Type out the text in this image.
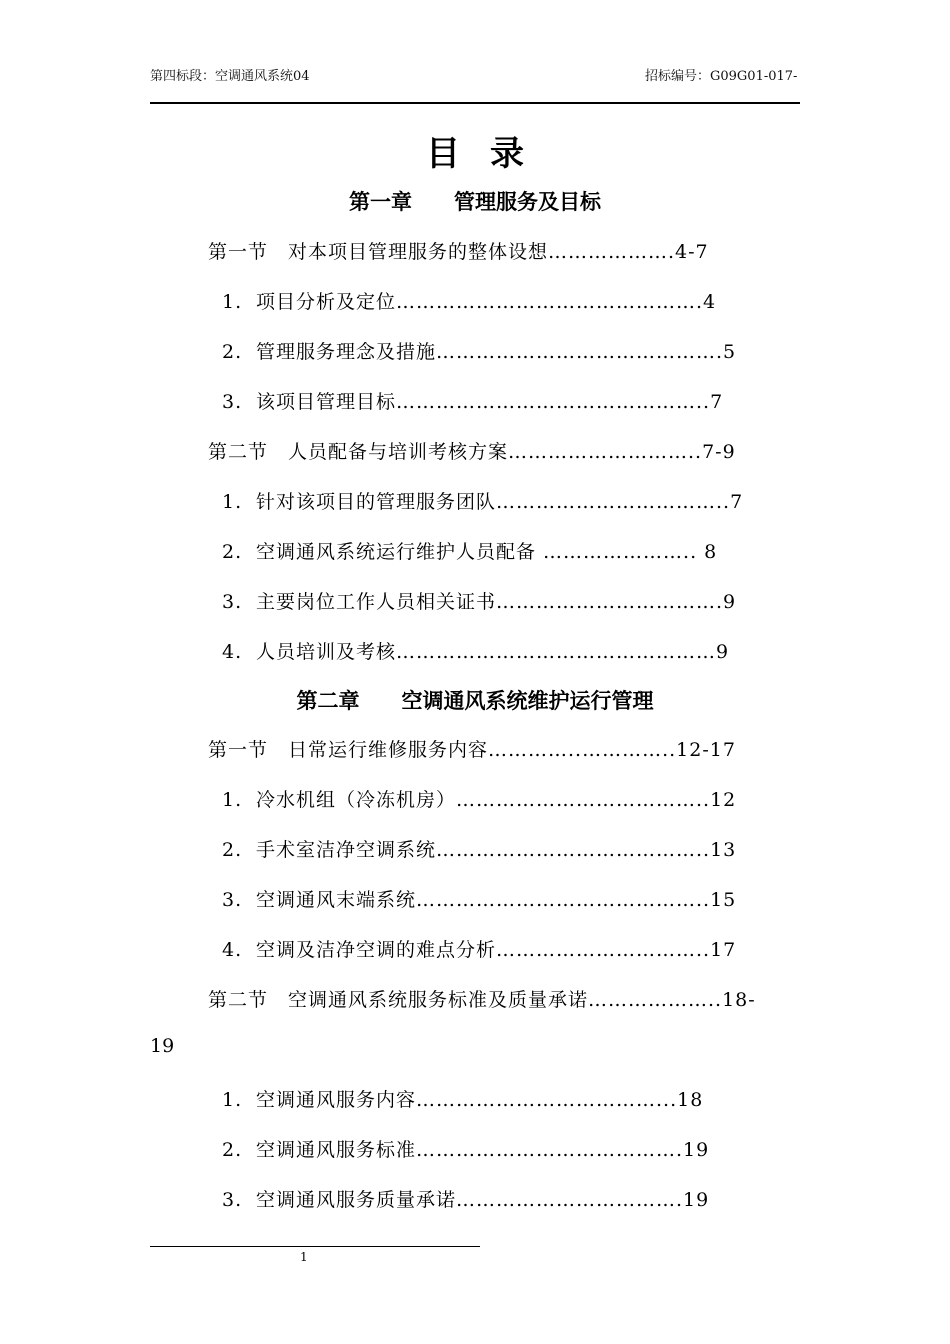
第四标段：空调通风系统04	招标编号：G09G01-017-
目录
第一章　　管理服务及目标
第一节　对本项目管理服务的整体设想……………….4-7
1. 项目分析及定位……………………………………….4
2. 管理服务理念及措施…………………………………….5
3. 该项目管理目标………………………………………..7
第二节　人员配备与培训考核方案………………………..7-9
1. 针对该项目的管理服务团队……………………………..7
2. 空调通风系统运行维护人员配备 ………………….. 8
3. 主要岗位工作人员相关证书…………………………….9
4. 人员培训及考核…………………………………………9
第二章　　空调通风系统维护运行管理
第一节　日常运行维修服务内容…………..…………..12-17
1. 冷水机组（冷冻机房）………………………………..12
2. 手术室洁净空调系统…………………………………..13
3. 空调通风末端系统……………………………………..15
4. 空调及洁净空调的难点分析…………………………..17
第二节　空调通风系统服务标准及质量承诺………………..18-
19
1. 空调通风服务内容………………………………...18
2. 空调通风服务标准………………………………….19
3. 空调通风服务质量承诺…………………………….19
1
